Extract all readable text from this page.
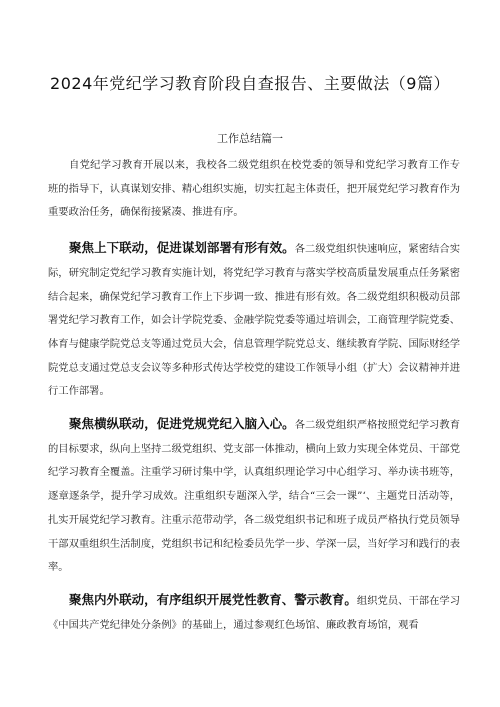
2024年党纪学习教育阶段自查报告、主要做法（9篇）
工作总结篇一

自党纪学习教育开展以来，我校各二级党组织在校党委的领导和党纪学习教育工作专班的指导下，认真谋划安排、精心组织实施，切实扛起主体责任，把开展党纪学习教育作为重要政治任务，确保衔接紧凑、推进有序。

聚焦上下联动，促进谋划部署有形有效。各二级党组织快速响应，紧密结合实际，研究制定党纪学习教育实施计划，将党纪学习教育与落实学校高质量发展重点任务紧密结合起来，确保党纪学习教育工作上下步调一致、推进有形有效。各二级党组织积极动员部署党纪学习教育工作，如会计学院党委、金融学院党委等通过培训会，工商管理学院党委、体育与健康学院党总支等通过党员大会，信息管理学院党总支、继续教育学院、国际财经学院党总支通过党总支会议等多种形式传达学校党的建设工作领导小组（扩大）会议精神并进行工作部署。

聚焦横纵联动，促进党规党纪入脑入心。各二级党组织严格按照党纪学习教育的目标要求，纵向上坚持二级党组织、党支部一体推动，横向上致力实现全体党员、干部党纪学习教育全覆盖。注重学习研讨集中学，认真组织理论学习中心组学习、举办读书班等，逐章逐条学，提升学习成效。注重组织专题深入学，结合“三会一课”‘、主题党日活动等，扎实开展党纪学习教育。注重示范带动学，各二级党组织书记和班子成员严格执行党员领导干部双重组织生活制度，党组织书记和纪检委员先学一步、学深一层，当好学习和践行的表率。

聚焦内外联动，有序组织开展党性教育、警示教育。组织党员、干部在学习《中国共产党纪律处分条例》的基础上，通过参观红色场馆、廉政教育场馆，观看
